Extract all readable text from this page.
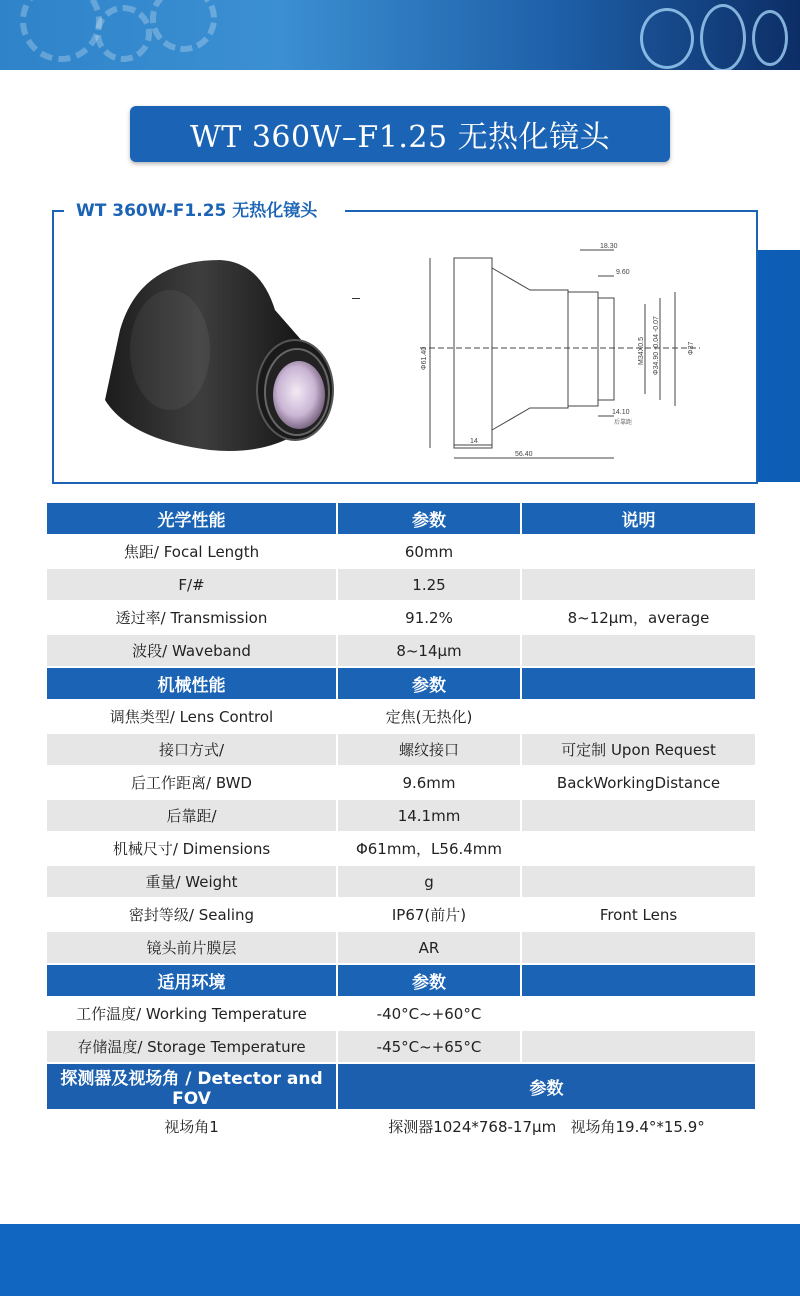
WT 360W–F1.25 无热化镜头
WT 360W-F1.25 无热化镜头
18.30
9.60
14.10
56.40
14
Φ61.40	Φ37
M34X0.5 Φ34.90 -0.04 -0.07
后靠距
光学性能	参数	说明
焦距/ Focal Length	60mm	
F/#	1.25	
透过率/ Transmission	91.2%	8~12μm，average
波段/ Waveband	8~14μm	
机械性能	参数	
调焦类型/ Lens Control	定焦(无热化)	
接口方式/	螺纹接口	可定制 Upon Request
后工作距离/ BWD	9.6mm	BackWorkingDistance
后靠距/	14.1mm	
机械尺寸/ Dimensions	Φ61mm，L56.4mm	
重量/ Weight	g	
密封等级/ Sealing	IP67(前片)	Front Lens
镜头前片膜层	AR	
适用环境	参数	
工作温度/ Working Temperature	-40°C~+60°C	
存储温度/ Storage Temperature	-45°C~+65°C	
探测器及视场角 / Detector and FOV	参数	
视场角1	探测器1024*768-17μm   视场角19.4°*15.9°	
